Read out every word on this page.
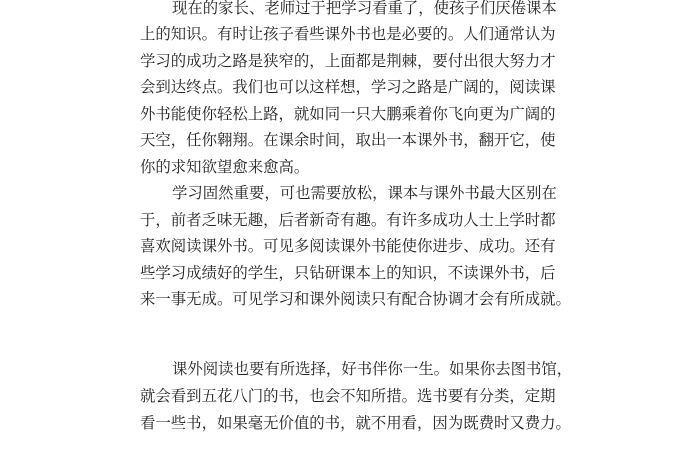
现在的家长、老师过于把学习看重了，使孩子们厌倦课本
上的知识。有时让孩子看些课外书也是必要的。人们通常认为
学习的成功之路是狭窄的，上面都是荆棘，要付出很大努力才
会到达终点。我们也可以这样想，学习之路是广阔的，阅读课
外书能使你轻松上路，就如同一只大鹏乘着你飞向更为广阔的
天空，任你翱翔。在课余时间，取出一本课外书，翻开它，使
你的求知欲望愈来愈高。
学习固然重要，可也需要放松，课本与课外书最大区别在
于，前者乏味无趣，后者新奇有趣。有许多成功人士上学时都
喜欢阅读课外书。可见多阅读课外书能使你进步、成功。还有
些学习成绩好的学生，只钻研课本上的知识，不读课外书，后
来一事无成。可见学习和课外阅读只有配合协调才会有所成就。
课外阅读也要有所选择，好书伴你一生。如果你去图书馆，
就会看到五花八门的书，也会不知所措。选书要有分类，定期
看一些书，如果毫无价值的书，就不用看，因为既费时又费力。
